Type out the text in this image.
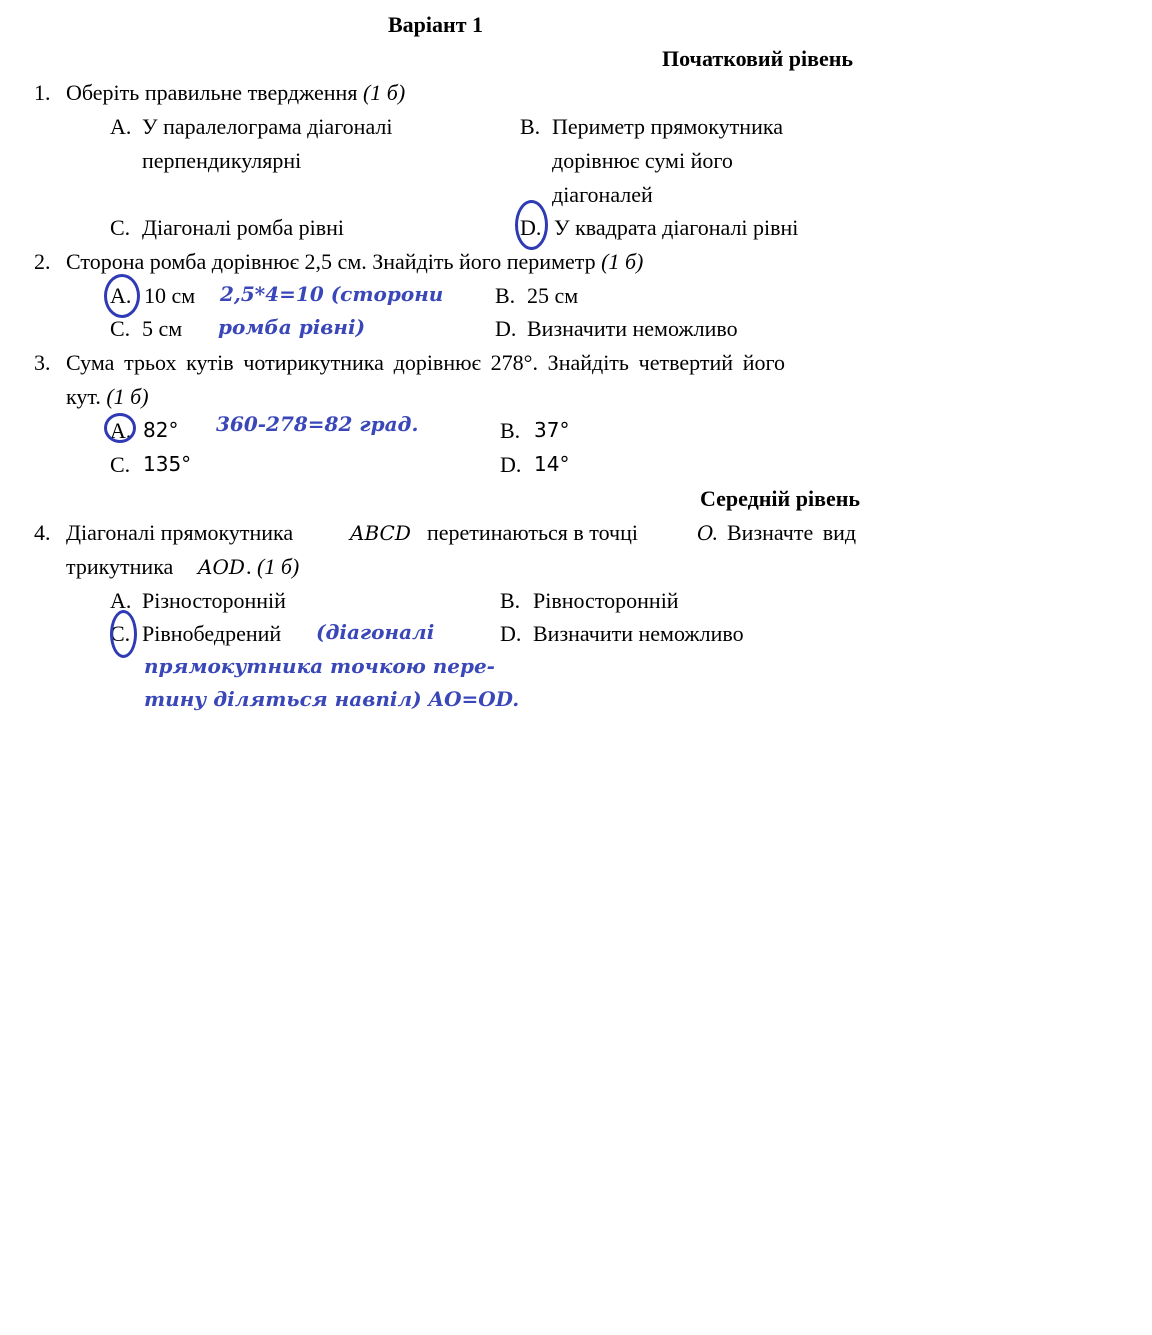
Варіант 1
Початковий рівень
1. Оберіть правильне твердження (1 б)
A. У паралелограма діагоналі
перпендикулярні
B. Периметр прямокутника
дорівнює сумі його
діагоналей
C. Діагоналі ромба рівні	D. У квадрата діагоналі рівні
2. Сторона ромба дорівнює 2,5 см. Знайдіть його периметр (1 б)
A. 10 см	B. 25 см
C. 5 см	D. Визначити неможливо
2,5*4=10 (сторони
ромба рівні)
3. Сума трьох кутів чотирикутника дорівнює 278°. Знайдіть четвертий його
кут. (1 б)
A. 82°	B. 37°
C. 135°	D. 14°
360-278=82 град.
Середній рівень
4. Діагоналі прямокутника	ABCD перетинаються в точці	O
. Визначте вид
трикутника AOD . (1 б)
A. Різносторонній	B. Рівносторонній
C. Рівнобедрений	D. Визначити неможливо
(діагоналі
прямокутника точкою пере-
тину діляться навпіл) AO=OD.
